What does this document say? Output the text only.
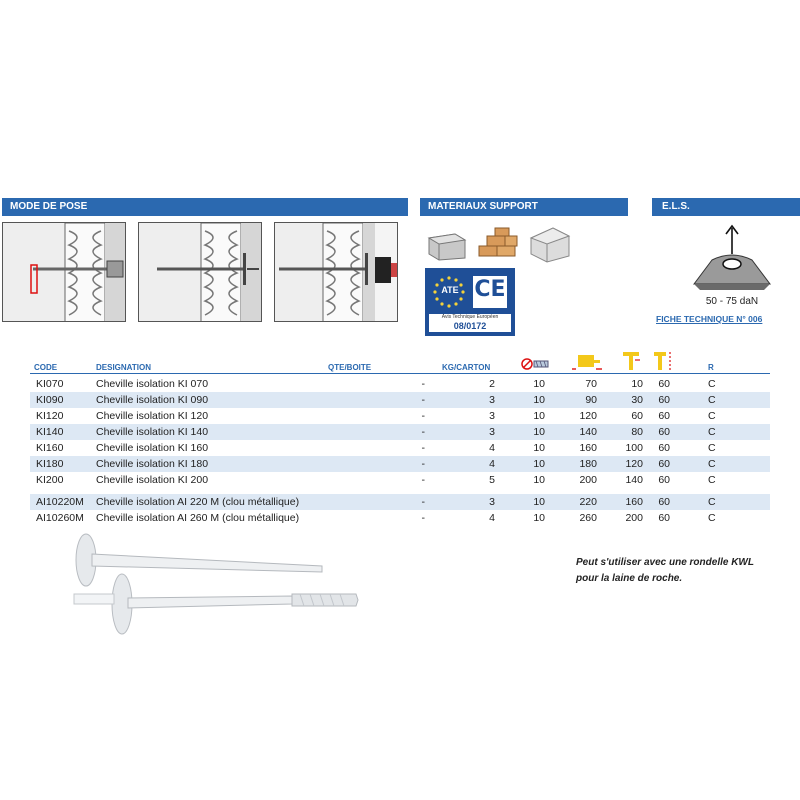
MODE DE POSE	MATERIAUX SUPPORT	E.L.S.
ATE CE
Avis Technique Européen
08/0172
50 - 75 daN
FICHE TECHNIQUE N° 006
CODE	DESIGNATION	QTE/BOITE	KG/CARTON	R
KI070	Cheville isolation KI 070	-	2	10	70	10	60	C
KI090	Cheville isolation KI 090	-	3	10	90	30	60	C
KI120	Cheville isolation KI 120	-	3	10	120	60	60	C
KI140	Cheville isolation KI 140	-	3	10	140	80	60	C
KI160	Cheville isolation KI 160	-	4	10	160	100	60	C
KI180	Cheville isolation KI 180	-	4	10	180	120	60	C
KI200	Cheville isolation KI 200	-	5	10	200	140	60	C
AI10220M Cheville isolation AI 220 M (clou métallique)	-	3	10	220	160	60	C
AI10260M Cheville isolation AI 260 M (clou métallique)	-	4	10	260	200	60	C
Peut s'utiliser avec une rondelle KWL
pour la laine de roche.
